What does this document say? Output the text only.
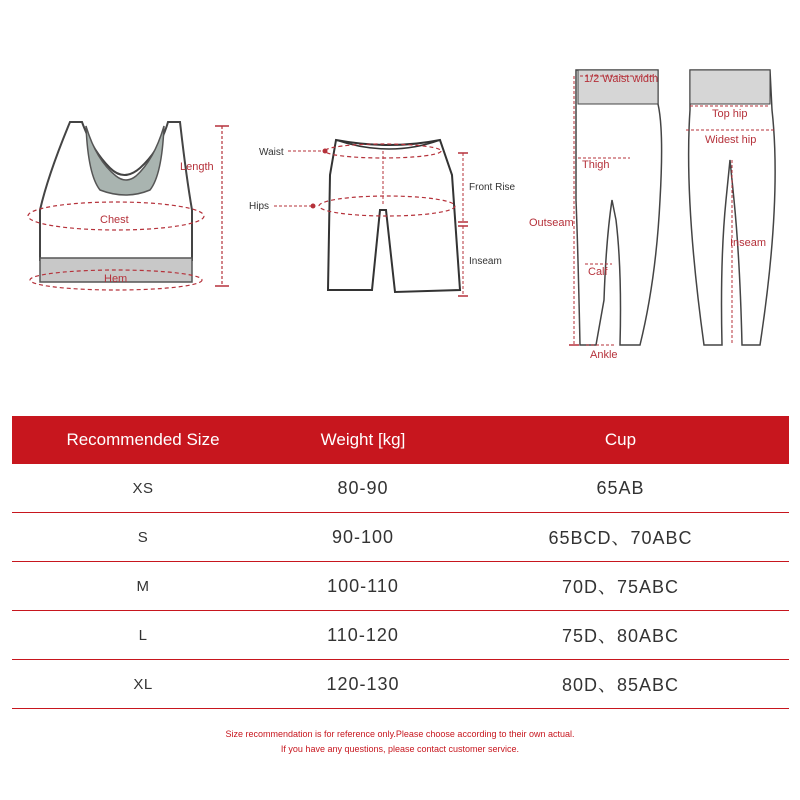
Length
Chest
Hem
Waist
Hips
Front Rise
Inseam
1/2 Waist width
Thigh
Outseam
Calf
Ankle
Top hip
Widest hip
Inseam
Recommended Size	Weight [kg]	Cup
XS	80-90	65AB
S	90-100	65BCD、70ABC
M	100-110	70D、75ABC
L	110-120	75D、80ABC
XL	120-130	80D、85ABC
Size recommendation is for reference only.Please choose according to their own actual.
If you have any questions, please contact customer service.
